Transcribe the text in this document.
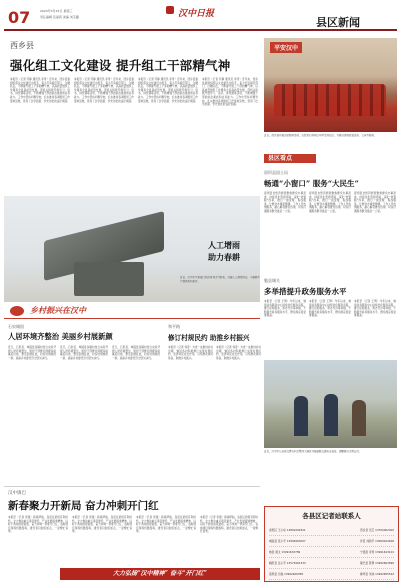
07	2023年3月15日 星期三
责任编辑 张丽莉 美编 刘宝璐	汉中日报
县区新闻
西乡县
强化组工文化建设 提升组工干部精气神
本报讯（记者 苏静 通讯员 李雪）近年来，西乡县委组织部以文化建设为抓手，着力打造模范部门、过硬队伍，不断提升组工干部的精气神，以高质量组织工作服务全县高质量发展。部机关积极开展学习、读书、讲党课等活动，不断增强干部的政治素质和业务能力。工作中坚持问题导向，扎实推进各项组织工作落地见效，营造了比学赶超、争先创优的良好氛围。
本报讯（记者 苏静 通讯员 李雪）近年来，西乡县委组织部以文化建设为抓手，着力打造模范部门、过硬队伍，不断提升组工干部的精气神，以高质量组织工作服务全县高质量发展。部机关积极开展学习、读书、讲党课等活动，不断增强干部的政治素质和业务能力。工作中坚持问题导向，扎实推进各项组织工作落地见效，营造了比学赶超、争先创优的良好氛围。
本报讯（记者 苏静 通讯员 李雪）近年来，西乡县委组织部以文化建设为抓手，着力打造模范部门、过硬队伍，不断提升组工干部的精气神，以高质量组织工作服务全县高质量发展。部机关积极开展学习、读书、讲党课等活动，不断增强干部的政治素质和业务能力。工作中坚持问题导向，扎实推进各项组织工作落地见效，营造了比学赶超、争先创优的良好氛围。
本报讯（记者 苏静 通讯员 李雪）近年来，西乡县委组织部以文化建设为抓手，着力打造模范部门、过硬队伍，不断提升组工干部的精气神，以高质量组织工作服务全县高质量发展。部机关积极开展学习、读书、讲党课等活动，不断增强干部的政治素质和业务能力。工作中坚持问题导向，扎实推进各项组织工作落地见效，营造了比学赶超、争先创优的良好氛围。
平安汉中
近日，西乡县开展志愿服务活动，志愿者们身穿红马甲走进社区，为群众提供政策宣传、义诊等服务。
县区看点
留坝县国土局
畅通“小窗口” 服务“大民生”
留坝县自然资源局聚焦群众办事需求，持续优化营商环境，深化“放管服”改革，推行一窗受理、集成服务，让群众办事更便捷。工作人员热情服务，耐心解答群众咨询，切实打通服务群众最后一公里。
留坝县自然资源局聚焦群众办事需求，持续优化营商环境，深化“放管服”改革，推行一窗受理、集成服务，让群众办事更便捷。工作人员热情服务，耐心解答群众咨询，切实打通服务群众最后一公里。
留坝县自然资源局聚焦群众办事需求，持续优化营商环境，深化“放管服”改革，推行一窗受理、集成服务，让群众办事更便捷。工作人员热情服务，耐心解答群众咨询，切实打通服务群众最后一公里。
人工增雨
助力春耕
近日，汉中市气象部门抓住有利天气时机，开展人工增雨作业，为春耕生产提供有利条件。	勉县城关
多举措提升政务服务水平
本报讯（记者 王辉）今年以来，勉县政务服务中心持续优化服务流程，推行延时服务、帮办代办等举措，不断提升政务服务水平，群众满意度显著提高。
本报讯（记者 王辉）今年以来，勉县政务服务中心持续优化服务流程，推行延时服务、帮办代办等举措，不断提升政务服务水平，群众满意度显著提高。
本报讯（记者 王辉）今年以来，勉县政务服务中心持续优化服务流程，推行延时服务、帮办代办等举措，不断提升政务服务水平，群众满意度显著提高。
乡村振兴在汉中
石泉城固
人居环境齐整治 美丽乡村展新颜
近日，石泉县、城固县各镇村结合实际开展人居环境整治，组织干部群众清理房前屋后垃圾、整治乱堆乱放，村容村貌焕然一新，美丽乡村建设迈出坚实步伐。
近日，石泉县、城固县各镇村结合实际开展人居环境整治，组织干部群众清理房前屋后垃圾、整治乱堆乱放，村容村貌焕然一新，美丽乡村建设迈出坚实步伐。
近日，石泉县、城固县各镇村结合实际开展人居环境整治，组织干部群众清理房前屋后垃圾、整治乱堆乱放，村容村貌焕然一新，美丽乡村建设迈出坚实步伐。
和平路
修订村规民约 助推乡村振兴
本报讯（记者 刘涛）为进一步推进乡村治理，勉县各村积极修订完善村规民约，发挥村民自治作用，引导群众移风易俗，助推乡村振兴。
本报讯（记者 刘涛）为进一步推进乡村治理，勉县各村积极修订完善村规民约，发挥村民自治作用，引导群众移风易俗，助推乡村振兴。
近日，汉中市公安局交警支队民警深入辖区开展道路交通安全宣传，提醒群众文明出行。
汉中镇巴
新春聚力开新局 奋力冲刺开门红
本报讯（记者 李强）新春伊始，各县区抢抓有利时机，全力推动重点项目建设、产业发展提速增效，以时不我待的紧迫感，奋力冲刺一季度开门红。各地项目现场机器轰鸣，建设者们加班加点，一派繁忙景象。
本报讯（记者 李强）新春伊始，各县区抢抓有利时机，全力推动重点项目建设、产业发展提速增效，以时不我待的紧迫感，奋力冲刺一季度开门红。各地项目现场机器轰鸣，建设者们加班加点，一派繁忙景象。
本报讯（记者 李强）新春伊始，各县区抢抓有利时机，全力推动重点项目建设、产业发展提速增效，以时不我待的紧迫感，奋力冲刺一季度开门红。各地项目现场机器轰鸣，建设者们加班加点，一派繁忙景象。
本报讯（记者 李强）新春伊始，各县区抢抓有利时机，全力推动重点项目建设、产业发展提速增效，以时不我待的紧迫感，奋力冲刺一季度开门红。各地项目现场机器轰鸣，建设者们加班加点，一派繁忙景象。
大力弘扬“汉中精神” 奋斗“开门红”
各县区记者站联系人
南郑区 王小东 13891699321	西乡县 吴卫 13700002002
城固县 张小平 13992663007	洋县 刘新平 13909164818
勉县 胡文 13991633789	宁强县 李雪 13991613101
略阳县 伍小平 13571661333	镇巴县 陈勇 13992603899
留坝县 田俊 13992626788	佛坪县 刘伟 13992655522
